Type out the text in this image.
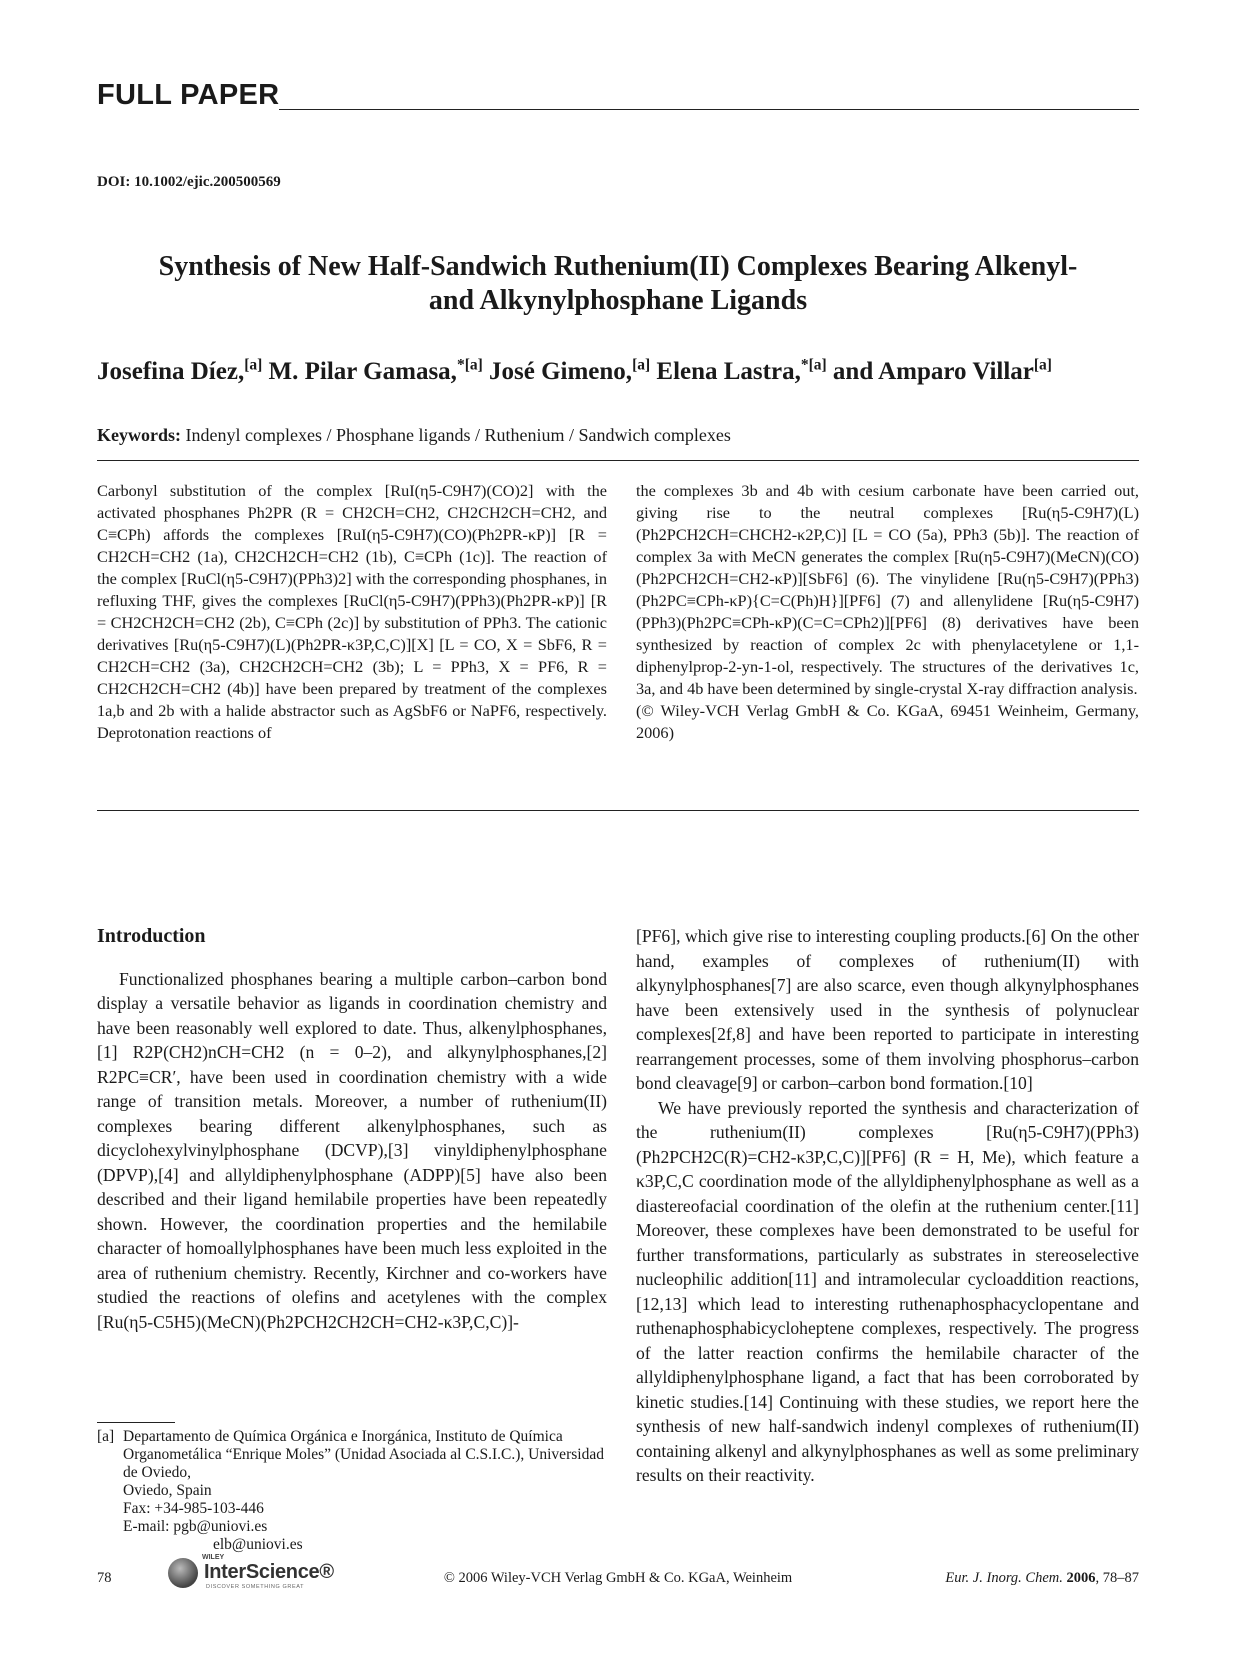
FULL PAPER
DOI: 10.1002/ejic.200500569
Synthesis of New Half-Sandwich Ruthenium(II) Complexes Bearing Alkenyl-
and Alkynylphosphane Ligands
Josefina Díez,[a] M. Pilar Gamasa,$^{*[a]}$ José Gimeno,[a] Elena Lastra,$^{*[a]}$ and Amparo Villar[a]
Keywords: Indenyl complexes / Phosphane ligands / Ruthenium / Sandwich complexes

Carbonyl substitution of the complex [RuI(η5-C9H7)(CO)2] with the activated phosphanes Ph2PR (R = CH2CH=CH2, CH2CH2CH=CH2, and C≡CPh) affords the complexes [RuI(η5-C9H7)(CO)(Ph2PR-κP)] [R = CH2CH=CH2 (1a), CH2CH2CH=CH2 (1b), C≡CPh (1c)]. The reaction of the complex [RuCl(η5-C9H7)(PPh3)2] with the corresponding phosphanes, in refluxing THF, gives the complexes [RuCl(η5-C9H7)(PPh3)(Ph2PR-κP)] [R = CH2CH2CH=CH2 (2b), C≡CPh (2c)] by substitution of PPh3. The cationic derivatives [Ru(η5-C9H7)(L)(Ph2PR-κ3P,C,C)][X] [L = CO, X = SbF6, R = CH2CH=CH2 (3a), CH2CH2CH=CH2 (3b); L = PPh3, X = PF6, R = CH2CH2CH=CH2 (4b)] have been prepared by treatment of the complexes 1a,b and 2b with a halide abstractor such as AgSbF6 or NaPF6, respectively. Deprotonation reactions of

the complexes 3b and 4b with cesium carbonate have been carried out, giving rise to the neutral complexes [Ru(η5-C9H7)(L)(Ph2PCH2CH=CHCH2-κ2P,C)] [L = CO (5a), PPh3 (5b)]. The reaction of complex 3a with MeCN generates the complex [Ru(η5-C9H7)(MeCN)(CO)(Ph2PCH2CH=CH2-κP)][SbF6] (6). The vinylidene [Ru(η5-C9H7)(PPh3)(Ph2PC≡CPh-κP){C=C(Ph)H}][PF6] (7) and allenylidene [Ru(η5-C9H7)(PPh3)(Ph2PC≡CPh-κP)(C=C=CPh2)][PF6] (8) derivatives have been synthesized by reaction of complex 2c with phenylacetylene or 1,1-diphenylprop-2-yn-1-ol, respectively. The structures of the derivatives 1c, 3a, and 4b have been determined by single-crystal X-ray diffraction analysis.

(© Wiley-VCH Verlag GmbH & Co. KGaA, 69451 Weinheim, Germany, 2006)

Introduction

Functionalized phosphanes bearing a multiple carbon–carbon bond display a versatile behavior as ligands in coordination chemistry and have been reasonably well explored to date. Thus, alkenylphosphanes,[1] R2P(CH2)nCH=CH2 (n = 0–2), and alkynylphosphanes,[2] R2PC≡CR′, have been used in coordination chemistry with a wide range of transition metals. Moreover, a number of ruthenium(II) complexes bearing different alkenylphosphanes, such as dicyclohexylvinylphosphane (DCVP),[3] vinyldiphenylphosphane (DPVP),[4] and allyldiphenylphosphane (ADPP)[5] have also been described and their ligand hemilabile properties have been repeatedly shown. However, the coordination properties and the hemilabile character of homoallylphosphanes have been much less exploited in the area of ruthenium chemistry. Recently, Kirchner and co-workers have studied the reactions of olefins and acetylenes with the complex [Ru(η5-C5H5)(MeCN)(Ph2PCH2CH2CH=CH2-κ3P,C,C)]-

[PF6], which give rise to interesting coupling products.[6] On the other hand, examples of complexes of ruthenium(II) with alkynylphosphanes[7] are also scarce, even though alkynylphosphanes have been extensively used in the synthesis of polynuclear complexes[2f,8] and have been reported to participate in interesting rearrangement processes, some of them involving phosphorus–carbon bond cleavage[9] or carbon–carbon bond formation.[10]

We have previously reported the synthesis and characterization of the ruthenium(II) complexes [Ru(η5-C9H7)(PPh3)(Ph2PCH2C(R)=CH2-κ3P,C,C)][PF6] (R = H, Me), which feature a κ3P,C,C coordination mode of the allyldiphenylphosphane as well as a diastereofacial coordination of the olefin at the ruthenium center.[11] Moreover, these complexes have been demonstrated to be useful for further transformations, particularly as substrates in stereoselective nucleophilic addition[11] and intramolecular cycloaddition reactions,[12,13] which lead to interesting ruthenaphosphacyclopentane and ruthenaphosphabicycloheptene complexes, respectively. The progress of the latter reaction confirms the hemilabile character of the allyldiphenylphosphane ligand, a fact that has been corroborated by kinetic studies.[14] Continuing with these studies, we report here the synthesis of new half-sandwich indenyl complexes of ruthenium(II) containing alkenyl and alkynylphosphanes as well as some preliminary results on their reactivity.

[a] Departamento de Química Orgánica e Inorgánica, Instituto de Química Organometálica “Enrique Moles” (Unidad Asociada al C.S.I.C.), Universidad de Oviedo,
Oviedo, Spain
Fax: +34-985-103-446
E-mail: pgb@uniovi.es
elb@uniovi.es
WILEY
InterScience®
DISCOVER SOMETHING GREAT
78	© 2006 Wiley-VCH Verlag GmbH & Co. KGaA, Weinheim	Eur. J. Inorg. Chem. 2006, 78–87
